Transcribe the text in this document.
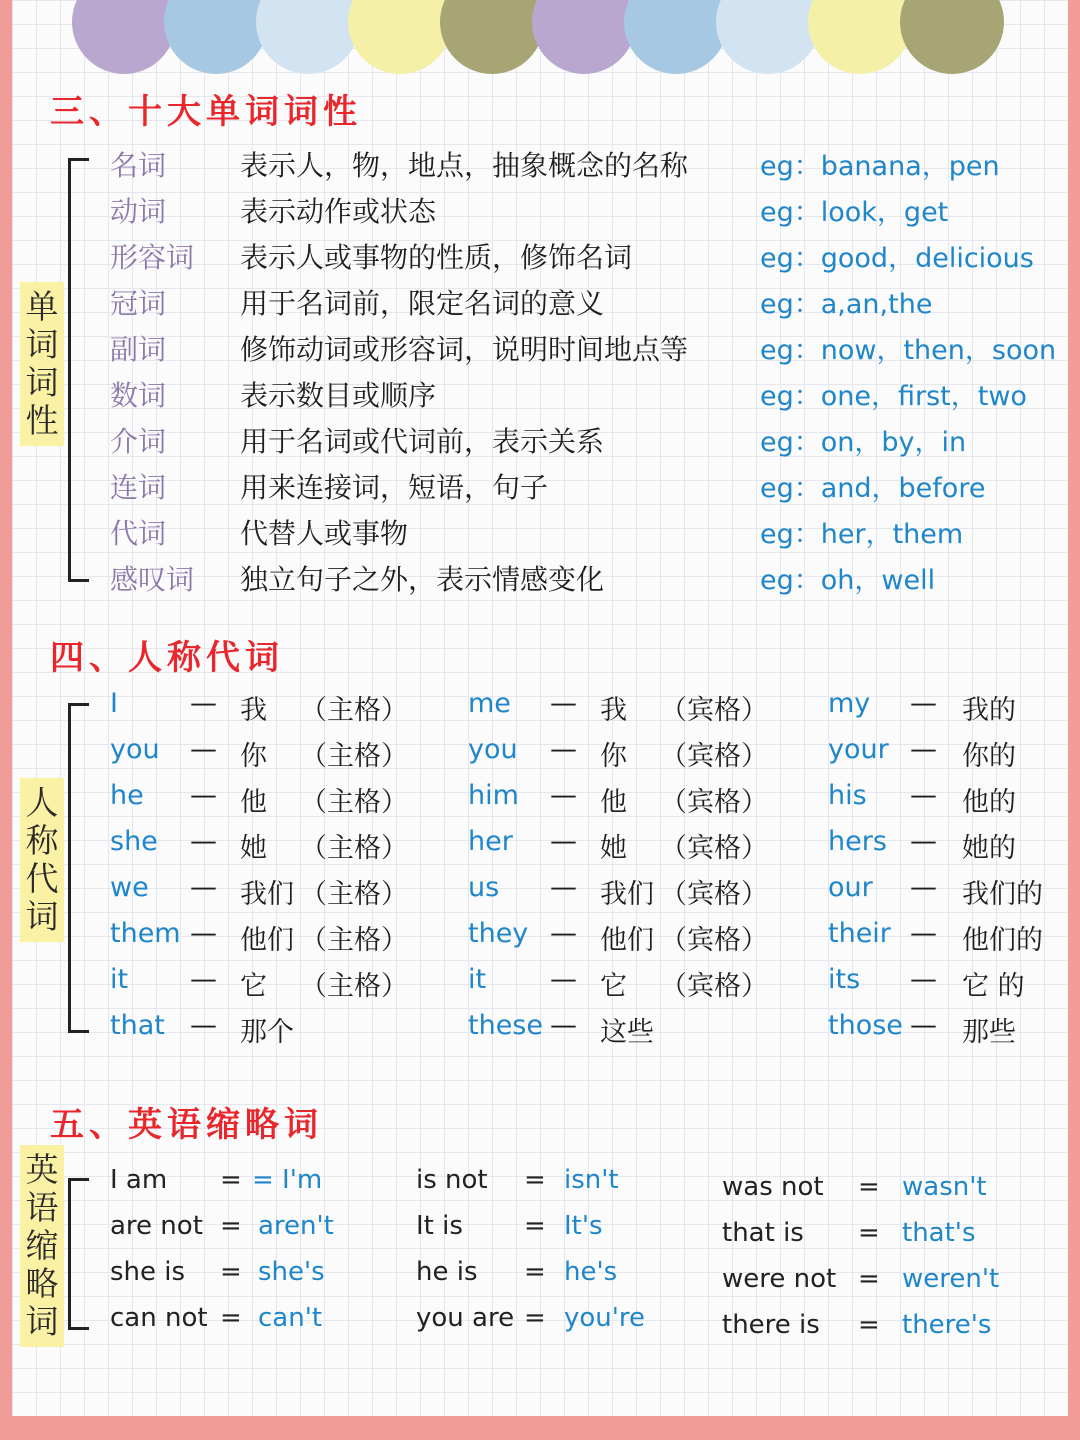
三、十大单词词性
单
词
词
性
名词	表示人，物，地点，抽象概念的名称	eg：banana，pen
动词	表示动作或状态	eg：look，get
形容词 表示人或事物的性质，修饰名词	eg：good，delicious
冠词	用于名词前，限定名词的意义	eg：a,an,the
副词	修饰动词或形容词，说明时间地点等	eg：now，then，soon
数词	表示数目或顺序	eg：one，first，two
介词	用于名词或代词前，表示关系	eg：on，by，in
连词	用来连接词，短语，句子	eg：and，before
代词	代替人或事物	eg：her，them
感叹词 独立句子之外，表示情感变化	eg：oh，well
四、人称代词
人
称
代
词
I	— 我 （主格） me — 我 （宾格） my — 我的
you — 你 （主格） you — 你 （宾格） your — 你的
he — 他 （主格） him — 他 （宾格） his — 他的
she — 她 （主格） her — 她 （宾格） hers — 她的
we — 我们 （主格） us — 我们 （宾格） our — 我们的
them — 他们 （主格） they — 他们 （宾格） their — 他们的
it — 它 （主格） it — 它 （宾格） its — 它 的
that — 那个	these — 这些	those — 那些
五、英语缩略词
英
语
缩
略
词
I am = = I'm	is not = isn't	was not = wasn't
are not = aren't	It is = It's	that is = that's
she is = she's	he is = he's	were not = weren't
can not = can't	you are = you're	there is = there's
